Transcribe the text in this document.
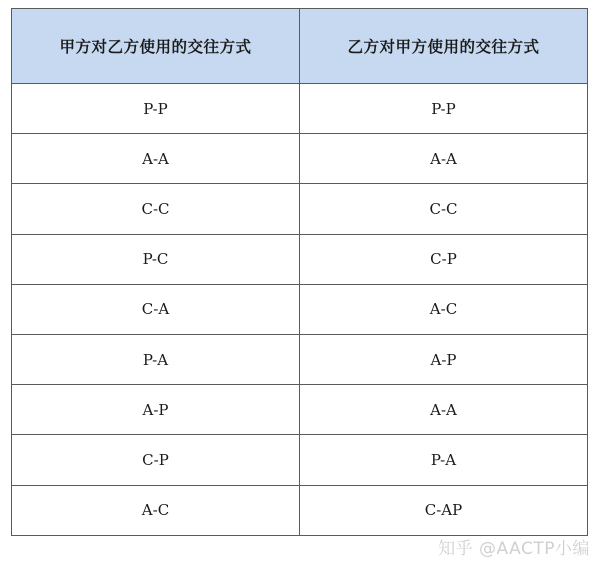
甲方对乙方使用的交往方式	乙方对甲方使用的交往方式
P-P	P-P
A-A	A-A
C-C	C-C
P-C	C-P
C-A	A-C
P-A	A-P
A-P	A-A
C-P	P-A
A-C	C-AP
知乎 @AACTP小编
